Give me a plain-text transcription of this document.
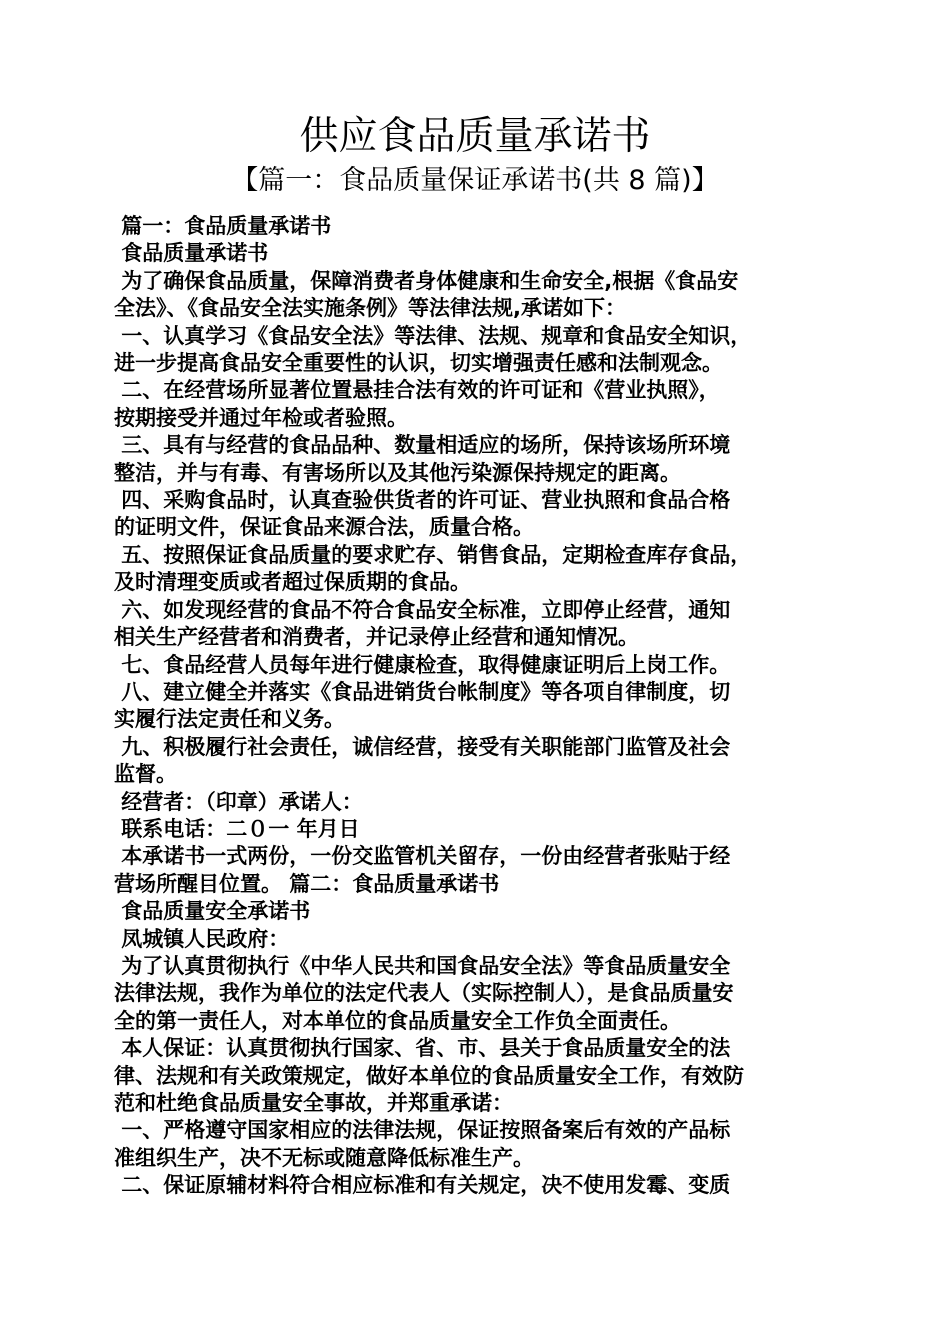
供应食品质量承诺书
【篇一：食品质量保证承诺书(共 8 篇)】

篇一：食品质量承诺书

食品质量承诺书

为了确保食品质量，保障消费者身体健康和生命安全,根据《食品安

全法》、《食品安全法实施条例》等法律法规,承诺如下：

一、认真学习《食品安全法》等法律、法规、规章和食品安全知识，

进一步提高食品安全重要性的认识，切实增强责任感和法制观念。

二、在经营场所显著位置悬挂合法有效的许可证和《营业执照》，

按期接受并通过年检或者验照。

三、具有与经营的食品品种、数量相适应的场所，保持该场所环境

整洁，并与有毒、有害场所以及其他污染源保持规定的距离。

四、采购食品时，认真查验供货者的许可证、营业执照和食品合格

的证明文件，保证食品来源合法，质量合格。

五、按照保证食品质量的要求贮存、销售食品，定期检查库存食品，

及时清理变质或者超过保质期的食品。

六、如发现经营的食品不符合食品安全标准，立即停止经营，通知

相关生产经营者和消费者，并记录停止经营和通知情况。

七、食品经营人员每年进行健康检查，取得健康证明后上岗工作。

八、建立健全并落实《食品进销货台帐制度》等各项自律制度，切

实履行法定责任和义务。

九、积极履行社会责任，诚信经营，接受有关职能部门监管及社会

监督。

经营者：（印章）承诺人：

联系电话：二０一 年月日

本承诺书一式两份，一份交监管机关留存，一份由经营者张贴于经

营场所醒目位置。 篇二：食品质量承诺书

食品质量安全承诺书

凤城镇人民政府：

为了认真贯彻执行《中华人民共和国食品安全法》等食品质量安全

法律法规，我作为单位的法定代表人（实际控制人），是食品质量安

全的第一责任人，对本单位的食品质量安全工作负全面责任。

本人保证：认真贯彻执行国家、省、市、县关于食品质量安全的法

律、法规和有关政策规定，做好本单位的食品质量安全工作，有效防

范和杜绝食品质量安全事故，并郑重承诺：

一、严格遵守国家相应的法律法规，保证按照备案后有效的产品标

准组织生产，决不无标或随意降低标准生产。

二、保证原辅材料符合相应标准和有关规定，决不使用发霉、变质
